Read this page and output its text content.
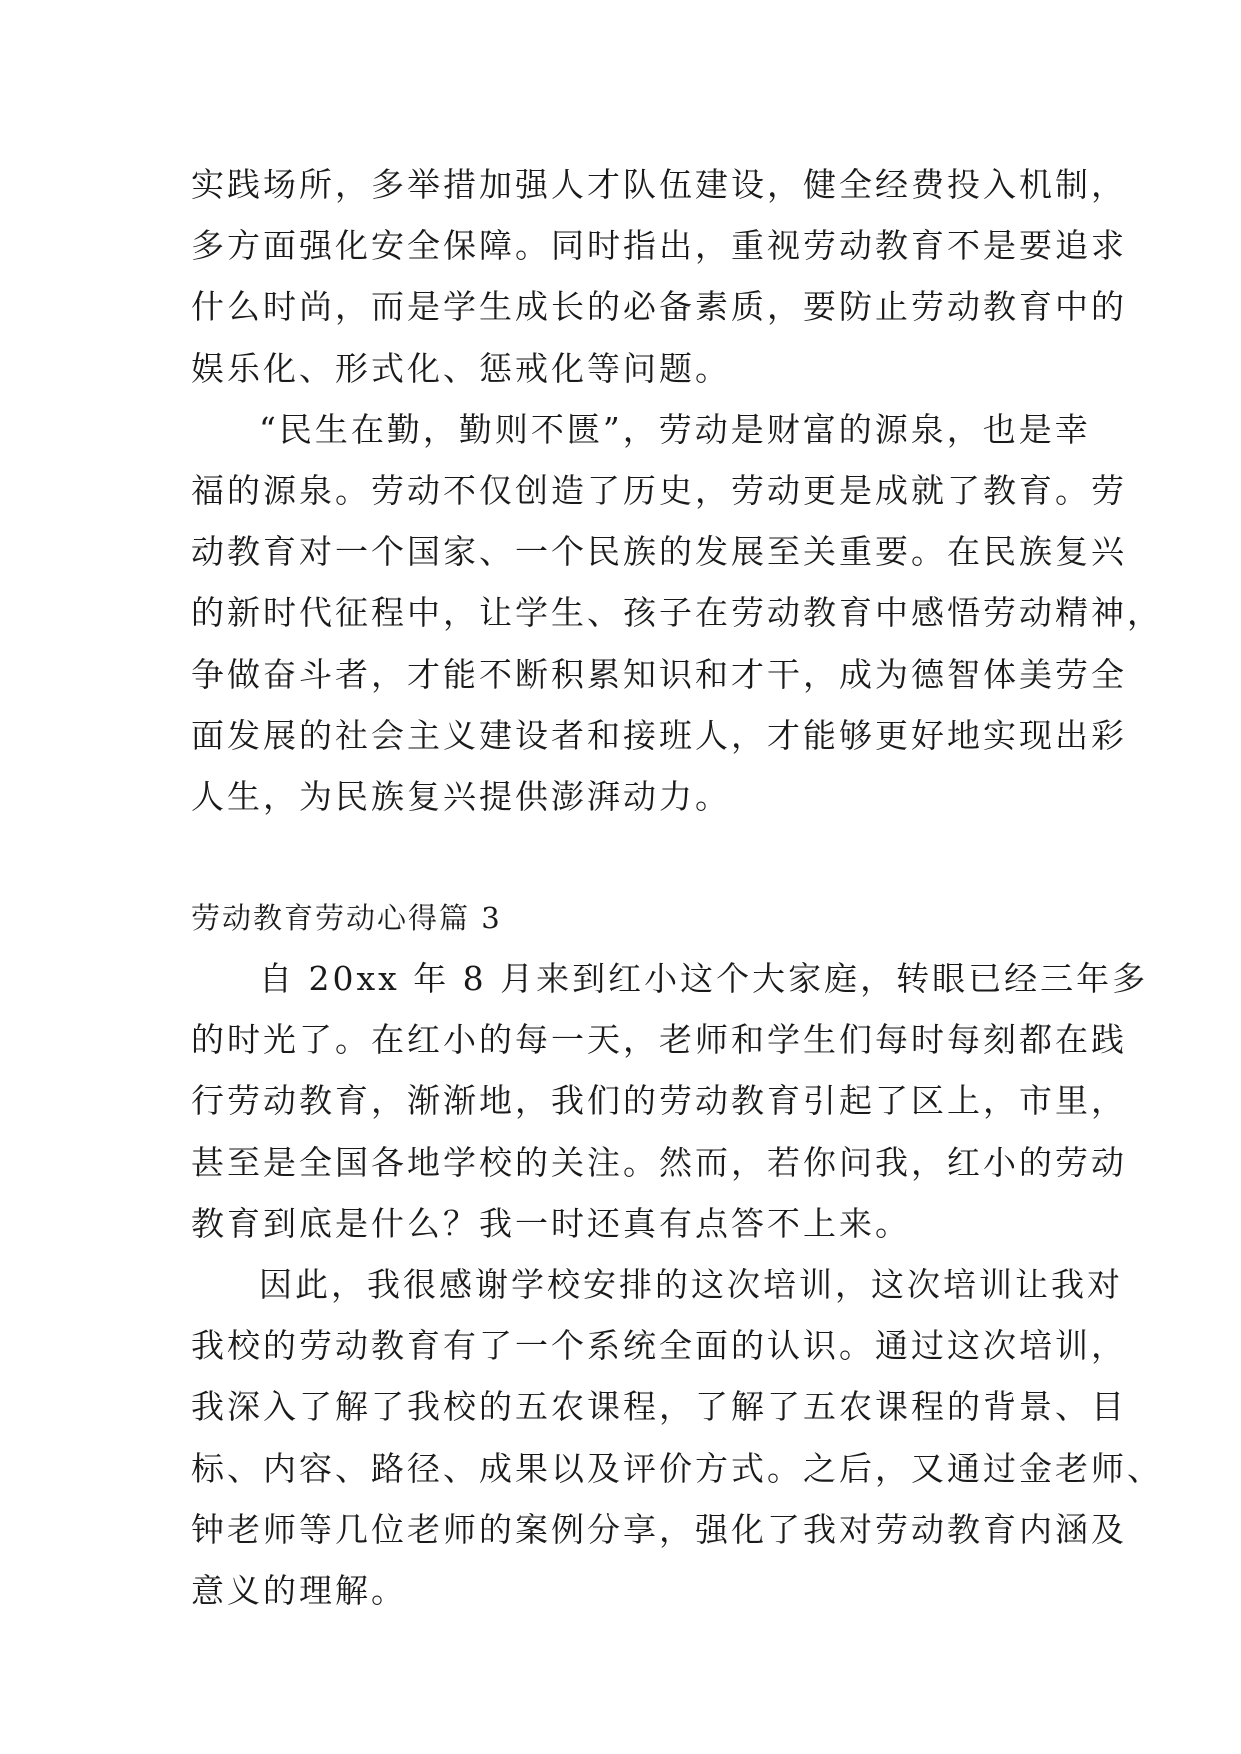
实践场所，多举措加强人才队伍建设，健全经费投入机制，
多方面强化安全保障。同时指出，重视劳动教育不是要追求
什么时尚，而是学生成长的必备素质，要防止劳动教育中的
娱乐化、形式化、惩戒化等问题。
“民生在勤，勤则不匮”，劳动是财富的源泉，也是幸
福的源泉。劳动不仅创造了历史，劳动更是成就了教育。劳
动教育对一个国家、一个民族的发展至关重要。在民族复兴
的新时代征程中，让学生、孩子在劳动教育中感悟劳动精神，
争做奋斗者，才能不断积累知识和才干，成为德智体美劳全
面发展的社会主义建设者和接班人，才能够更好地实现出彩
人生，为民族复兴提供澎湃动力。
劳动教育劳动心得篇 3
自 20xx 年 8 月来到红小这个大家庭，转眼已经三年多
的时光了。在红小的每一天，老师和学生们每时每刻都在践
行劳动教育，渐渐地，我们的劳动教育引起了区上，市里，
甚至是全国各地学校的关注。然而，若你问我，红小的劳动
教育到底是什么？我一时还真有点答不上来。
因此，我很感谢学校安排的这次培训，这次培训让我对
我校的劳动教育有了一个系统全面的认识。通过这次培训，
我深入了解了我校的五农课程，了解了五农课程的背景、目
标、内容、路径、成果以及评价方式。之后，又通过金老师、
钟老师等几位老师的案例分享，强化了我对劳动教育内涵及
意义的理解。
